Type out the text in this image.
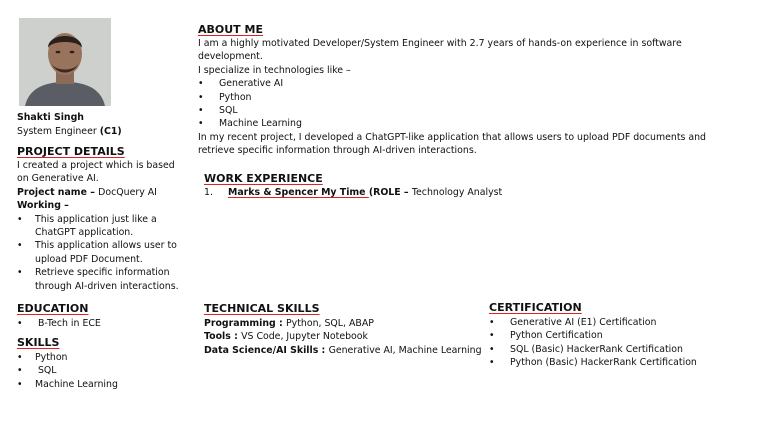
Shakti Singh
System Engineer (C1)
PROJECT DETAILS
I created a project which is based
on Generative AI.
Project name – DocQuery AI
Working –
• This application just like a
ChatGPT application.
• This application allows user to
upload PDF Document.
• Retrieve specific information
through AI-driven interactions.
EDUCATION
• B-Tech in ECE
SKILLS
• Python
•  SQL
• Machine Learning
ABOUT ME
I am a highly motivated Developer/System Engineer with 2.7 years of hands-on experience in software
development.
I specialize in technologies like –
• Generative AI
• Python
• SQL
• Machine Learning
In my recent project, I developed a ChatGPT-like application that allows users to upload PDF documents and
retrieve specific information through AI-driven interactions.
WORK EXPERIENCE
1. Marks & Spencer My Time (ROLE – Technology Analyst
TECHNICAL SKILLS
Programming : Python, SQL, ABAP
Tools : VS Code, Jupyter Notebook
Data Science/AI Skills : Generative AI, Machine Learning
CERTIFICATION
• Generative AI (E1) Certification
• Python Certification
• SQL (Basic) HackerRank Certification
• Python (Basic) HackerRank Certification
